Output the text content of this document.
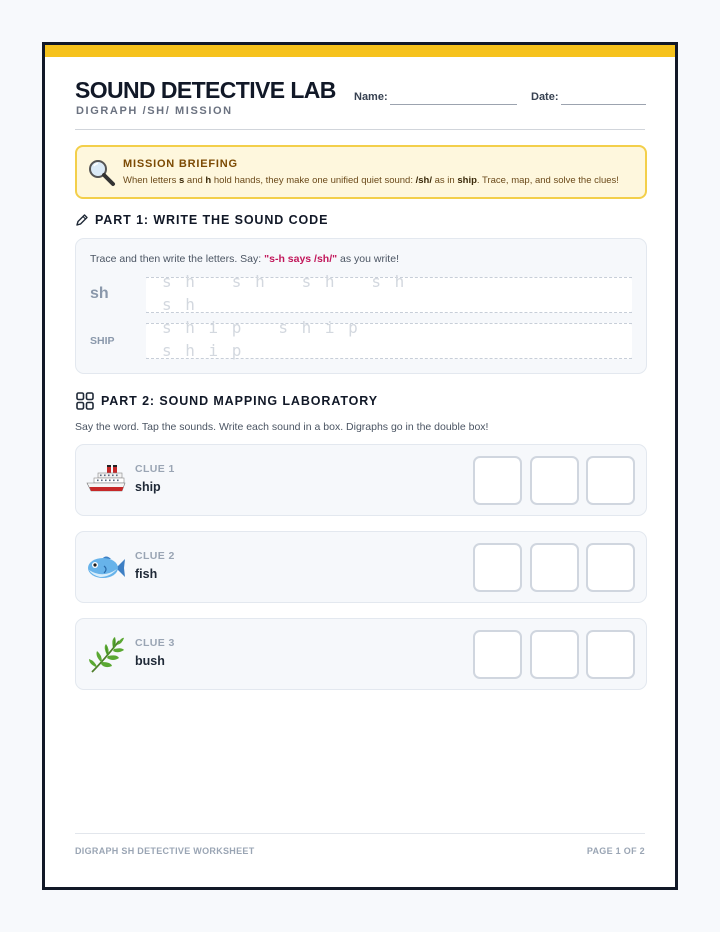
SOUND DETECTIVE LAB
DIGRAPH /SH/ MISSION
Name:	Date:
MISSION BRIEFING
When letters s and h hold hands, they make one unified quiet sound: /sh/ as in ship. Trace, map, and solve the clues!
PART 1: WRITE THE SOUND CODE
Trace and then write the letters. Say: "s-h says /sh/" as you write!
sh
s h   s h   s h   s h
s h
SHIP
s h i p   s h i p
s h i p
PART 2: SOUND MAPPING LABORATORY
Say the word. Tap the sounds. Write each sound in a box. Digraphs go in the double box!
CLUE 1
ship
CLUE 2
fish
CLUE 3
bush
DIGRAPH SH DETECTIVE WORKSHEET	PAGE 1 OF 2
